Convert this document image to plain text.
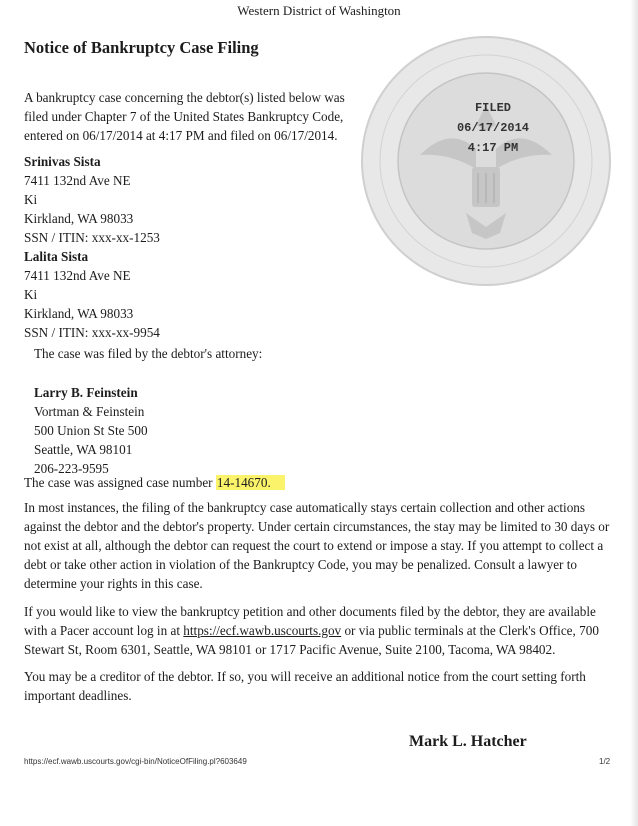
Western District of Washington
Notice of Bankruptcy Case Filing
FILED
06/17/2014
4:17 PM
A bankruptcy case concerning the debtor(s) listed below was filed under Chapter 7 of the United States Bankruptcy Code, entered on 06/17/2014 at 4:17 PM and filed on 06/17/2014.
Srinivas Sista
7411 132nd Ave NE
Ki
Kirkland, WA 98033
SSN / ITIN: xxx-xx-1253
Lalita Sista
7411 132nd Ave NE
Ki
Kirkland, WA 98033
SSN / ITIN: xxx-xx-9954
The case was filed by the debtor's attorney:
Larry B. Feinstein
Vortman & Feinstein
500 Union St Ste 500
Seattle, WA 98101
206-223-9595
The case was assigned case number 14-14670.
In most instances, the filing of the bankruptcy case automatically stays certain collection and other actions against the debtor and the debtor's property. Under certain circumstances, the stay may be limited to 30 days or not exist at all, although the debtor can request the court to extend or impose a stay. If you attempt to collect a debt or take other action in violation of the Bankruptcy Code, you may be penalized. Consult a lawyer to determine your rights in this case.
If you would like to view the bankruptcy petition and other documents filed by the debtor, they are available with a Pacer account log in at https://ecf.wawb.uscourts.gov or via public terminals at the Clerk's Office, 700 Stewart St, Room 6301, Seattle, WA 98101 or 1717 Pacific Avenue, Suite 2100, Tacoma, WA 98402.
You may be a creditor of the debtor. If so, you will receive an additional notice from the court setting forth important deadlines.
Mark L. Hatcher
https://ecf.wawb.uscourts.gov/cgi-bin/NoticeOfFiling.pl?603649	1/2
